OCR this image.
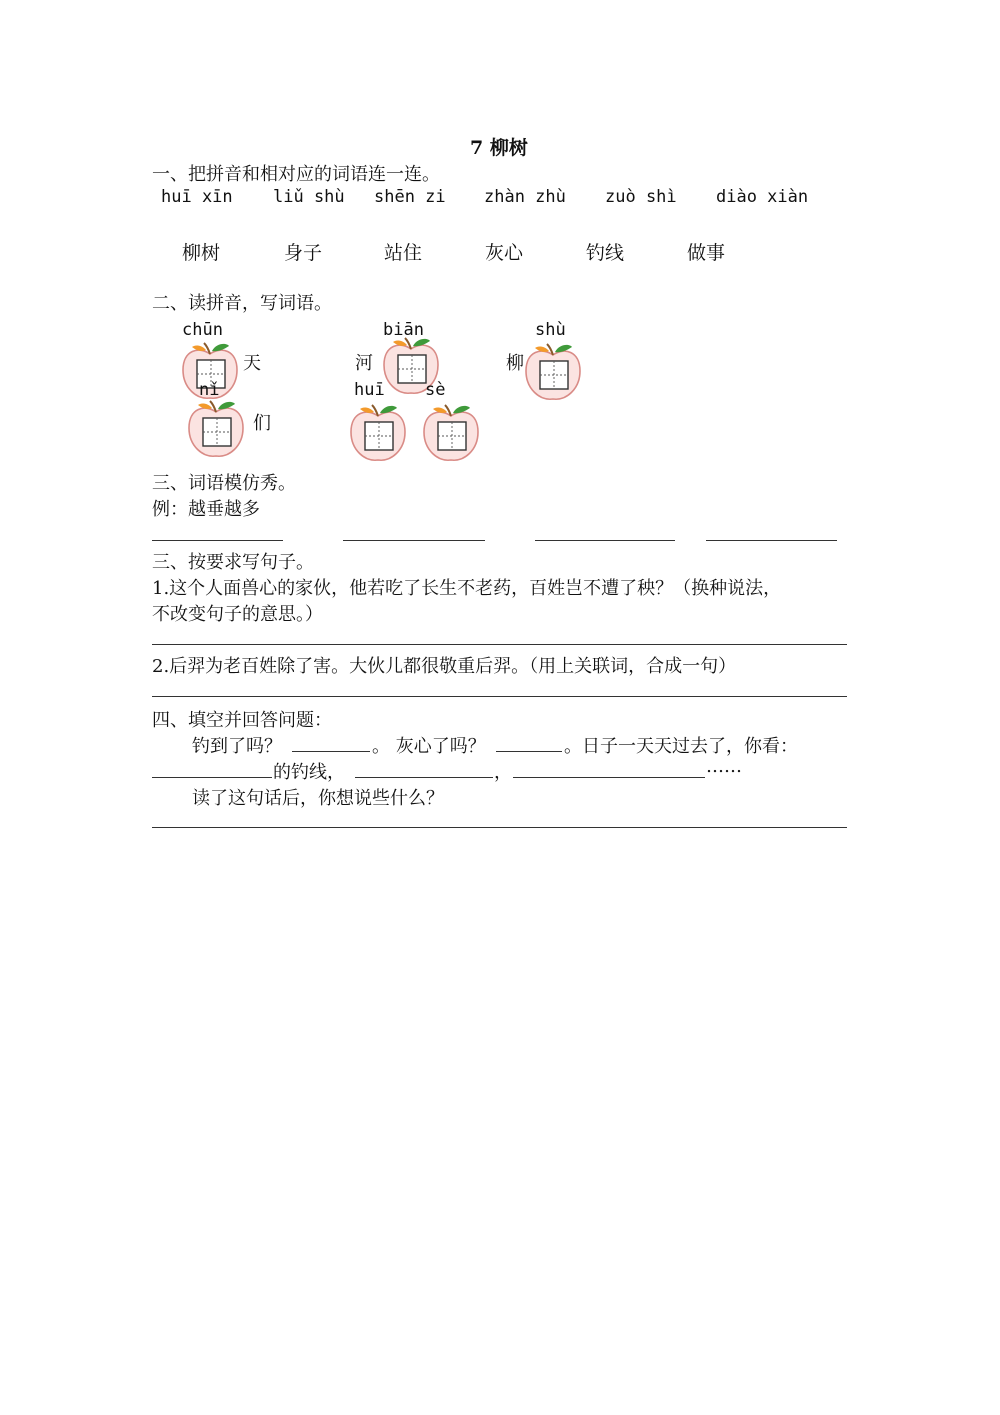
7 柳树
一、把拼音和相对应的词语连一连。
huī xīn liǔ shù shēn zi zhàn zhù zuò shì diào xiàn
柳树	身子	站住	灰心	钓线	做事
二、读拼音，写词语。
chūn	biān	shù
天	河	柳
nǐ	huī sè
们
三、词语模仿秀。
例：越垂越多
三、按要求写句子。
1.这个人面兽心的家伙，他若吃了长生不老药，百姓岂不遭了秧？（换种说法，
不改变句子的意思。）
2.后羿为老百姓除了害。大伙儿都很敬重后羿。（用上关联词，合成一句）
四、填空并回答问题：
钓到了吗？	。 灰心了吗？	。日子一天天过去了，你看：
的钓线，	，	……
读了这句话后，你想说些什么？
